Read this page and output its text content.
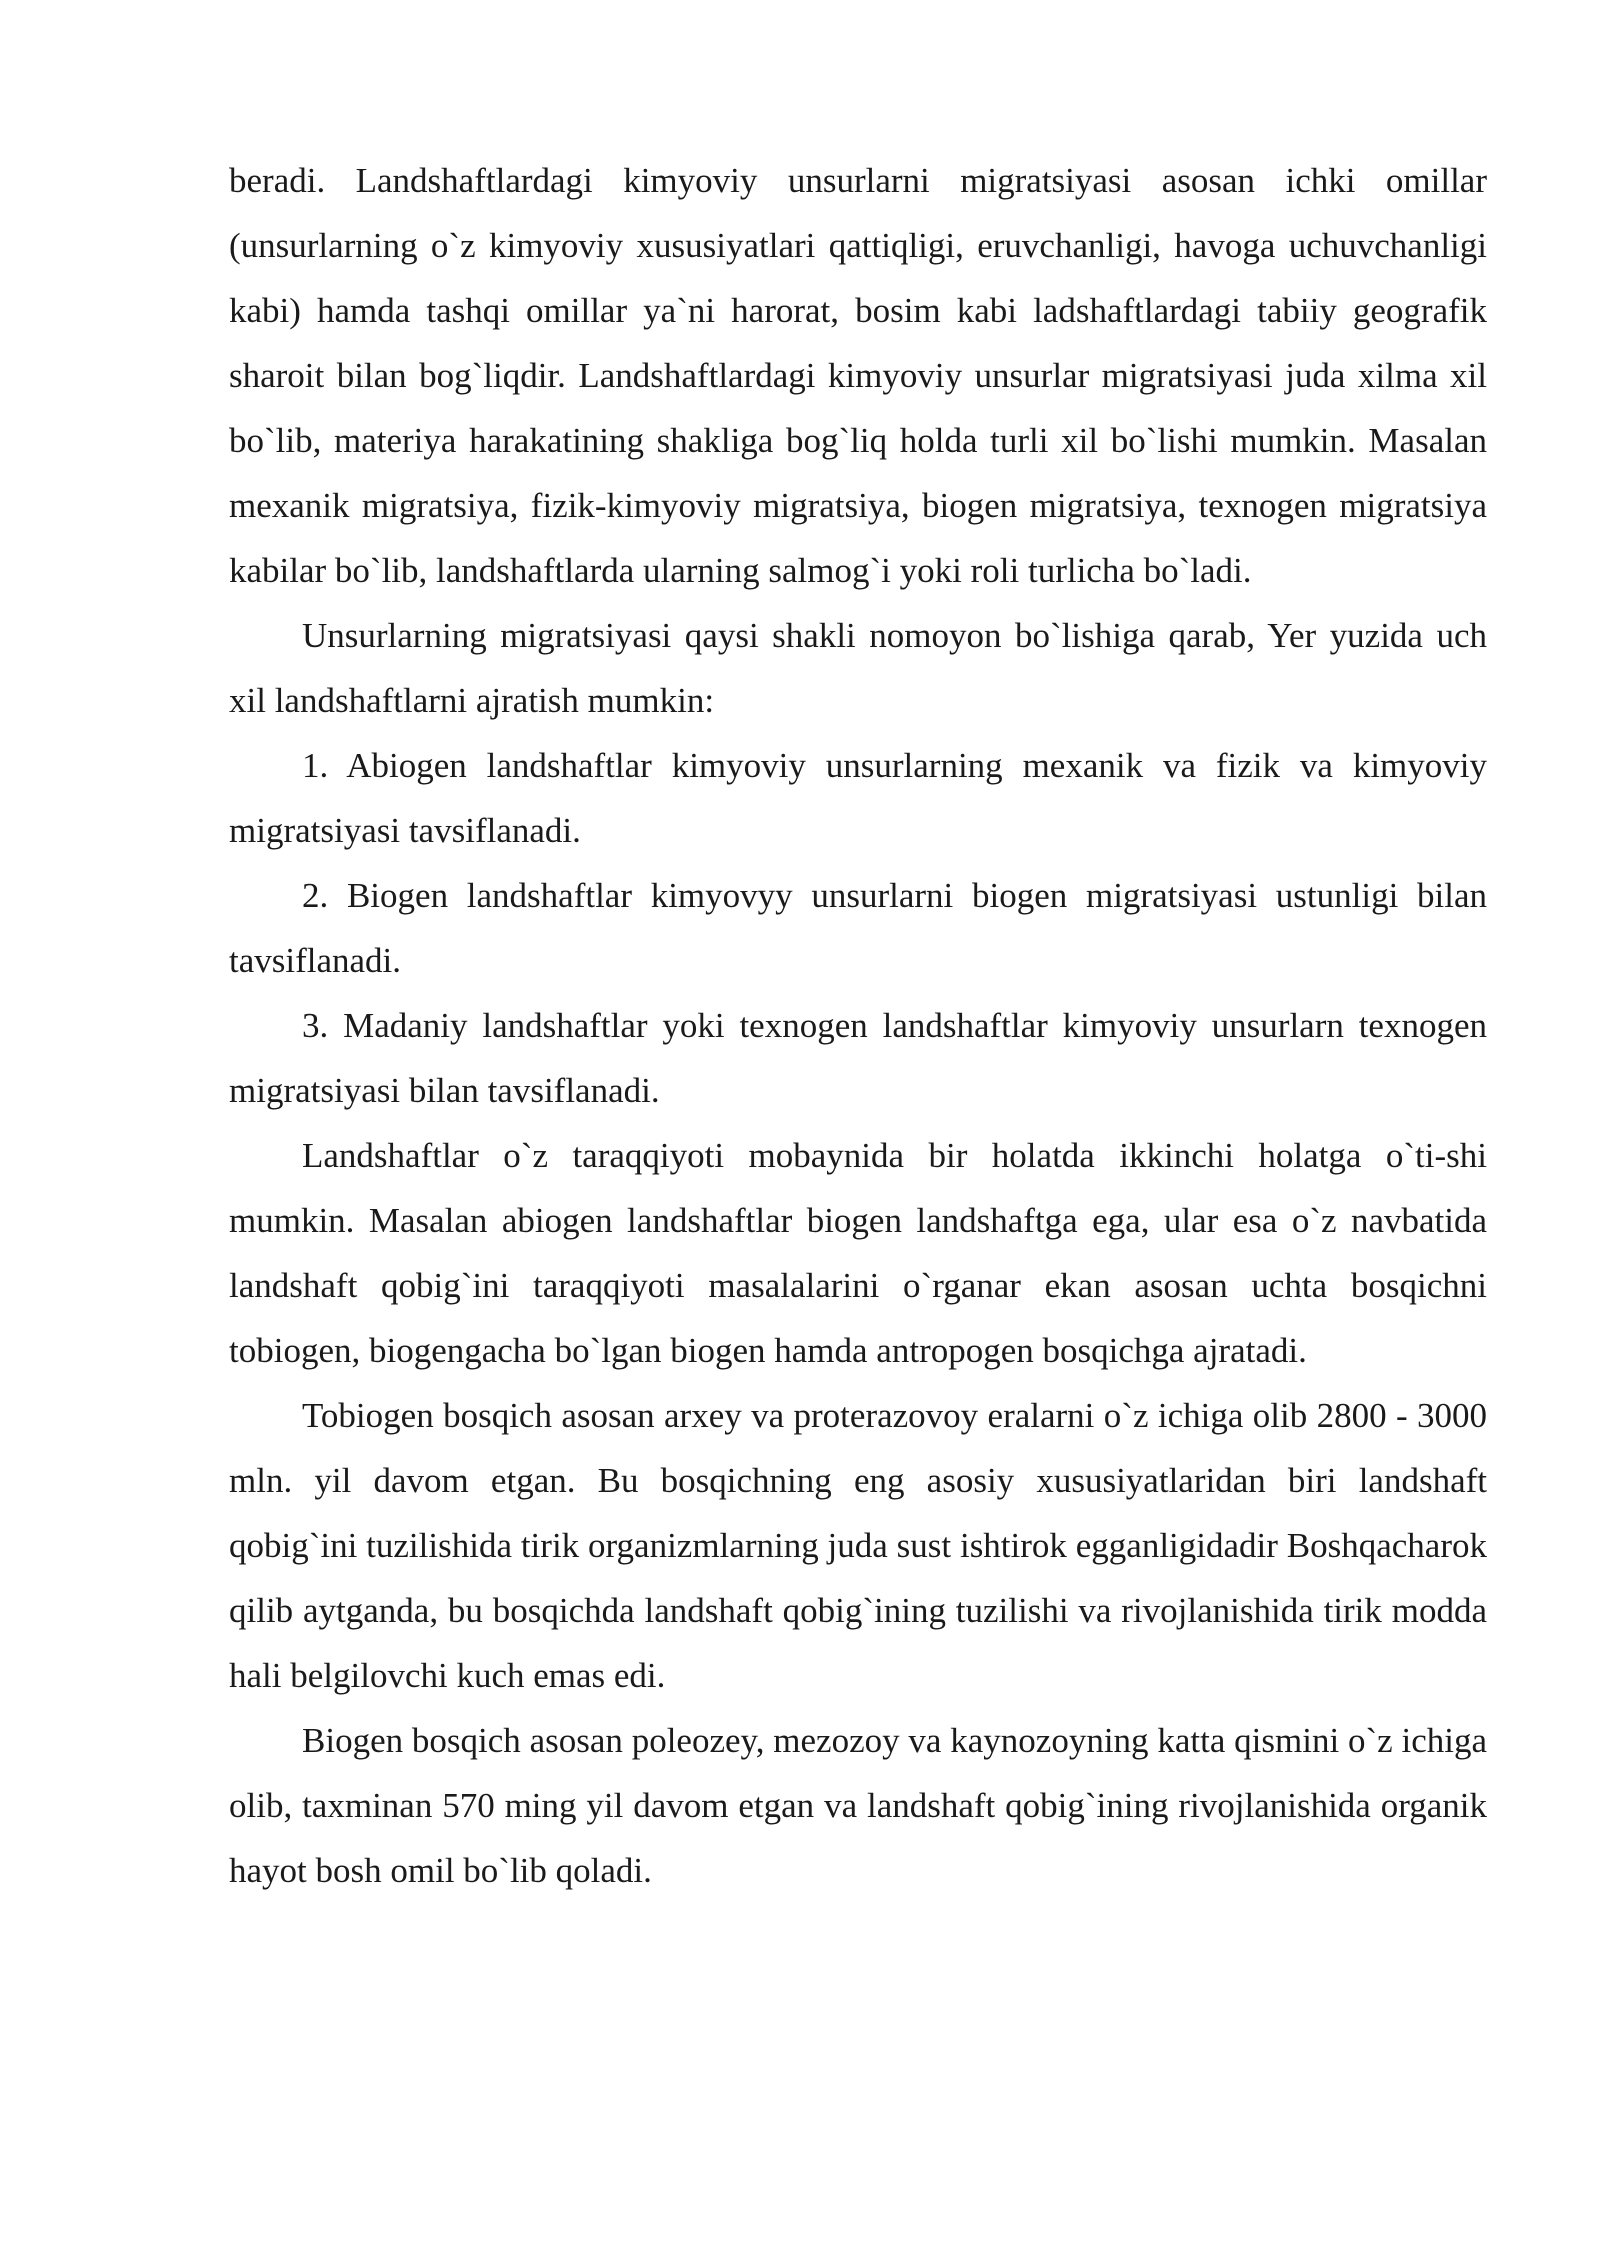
beradi. Landshaftlardagi kimyoviy unsurlarni migratsiyasi asosan ichki omillar (unsurlarning o`z kimyoviy xususiyatlari qattiqligi, eruvchanligi, havoga uchuvchanligi kabi) hamda tashqi omillar ya`ni harorat, bosim kabi ladshaftlardagi tabiiy geografik sharoit bilan bog`liqdir. Landshaftlardagi kimyoviy unsurlar migratsiyasi juda xilma xil bo`lib, materiya harakatining shakliga bog`liq holda turli xil bo`lishi mumkin. Masalan mexanik migratsiya, fizik-kimyoviy migratsiya, biogen migratsiya, texnogen migratsiya kabilar bo`lib, landshaftlarda ularning salmog`i yoki roli turlicha bo`ladi.

Unsurlarning migratsiyasi qaysi shakli nomoyon bo`lishiga qarab, Yer yuzida uch xil landshaftlarni ajratish mumkin:

1. Abiogen landshaftlar kimyoviy unsurlarning mexanik va fizik va kimyoviy migratsiyasi tavsiflanadi.

2. Biogen landshaftlar kimyovyy unsurlarni biogen migratsiyasi ustunligi bilan tavsiflanadi.

3. Madaniy landshaftlar yoki texnogen landshaftlar kimyoviy unsurlarn texnogen migratsiyasi bilan tavsiflanadi.

Landshaftlar o`z taraqqiyoti mobaynida bir holatda ikkinchi holatga o`ti-shi mumkin. Masalan abiogen landshaftlar biogen landshaftga ega, ular esa o`z navbatida landshaft qobig`ini taraqqiyoti masalalarini o`rganar ekan asosan uchta bosqichni tobiogen, biogengacha bo`lgan biogen hamda antropogen bosqichga ajratadi.

Tobiogen bosqich asosan arxey va proterazovoy eralarni o`z ichiga olib 2800 - 3000 mln. yil davom etgan. Bu bosqichning eng asosiy xususiyatlaridan biri landshaft qobig`ini tuzilishida tirik organizmlarning juda sust ishtirok egganligidadir Boshqacharok qilib aytganda, bu bosqichda landshaft qobig`ining tuzilishi va rivojlanishida tirik modda hali belgilovchi kuch emas edi.

Biogen bosqich asosan poleozey, mezozoy va kaynozoyning katta qismini o`z ichiga olib, taxminan 570 ming yil davom etgan va landshaft qobig`ining rivojlanishida organik hayot bosh omil bo`lib qoladi.
